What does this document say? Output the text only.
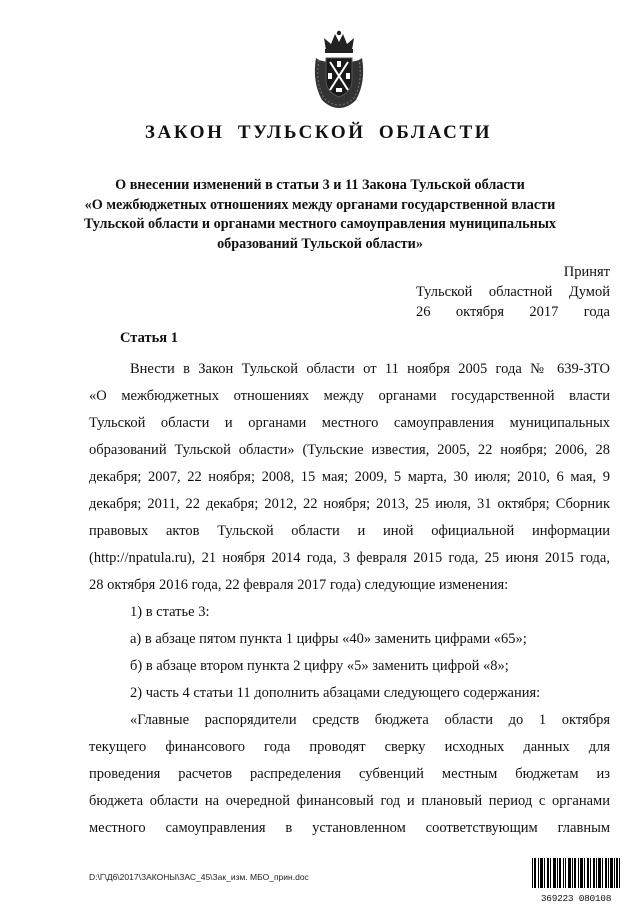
ЗАКОН ТУЛЬСКОЙ ОБЛАСТИ
О внесении изменений в статьи 3 и 11 Закона Тульской области
«О межбюджетных отношениях между органами государственной власти
Тульской области и органами местного самоуправления муниципальных
образований Тульской области»
Принят
Тульской областной Думой
26 октября 2017 года
Статья 1
Внести в Закон Тульской области от 11 ноября 2005 года № 639-ЗТО
«О межбюджетных отношениях между органами государственной власти
Тульской области и органами местного самоуправления муниципальных
образований Тульской области» (Тульские известия, 2005, 22 ноября; 2006, 28
декабря; 2007, 22 ноября; 2008, 15 мая; 2009, 5 марта, 30 июля; 2010, 6 мая, 9
декабря; 2011, 22 декабря; 2012, 22 ноября; 2013, 25 июля, 31 октября; Сборник
правовых актов Тульской области и иной официальной информации
(http://npatula.ru), 21 ноября 2014 года, 3 февраля 2015 года, 25 июня 2015 года,
28 октября 2016 года, 22 февраля 2017 года) следующие изменения:
1) в статье 3:
а) в абзаце пятом пункта 1 цифры «40» заменить цифрами «65»;
б) в абзаце втором пункта 2 цифру «5» заменить цифрой «8»;
2) часть 4 статьи 11 дополнить абзацами следующего содержания:
«Главные распорядители средств бюджета области до 1 октября
текущего финансового года проводят сверку исходных данных для
проведения расчетов распределения субвенций местным бюджетам из
бюджета области на очередной финансовый год и плановый период с органами
местного самоуправления в установленном соответствующим главным
D:\Г\Д6\2017\ЗАКОНЫ\ЗАС_45\Зак_изм. МБО_прин.doc
369223 080108
